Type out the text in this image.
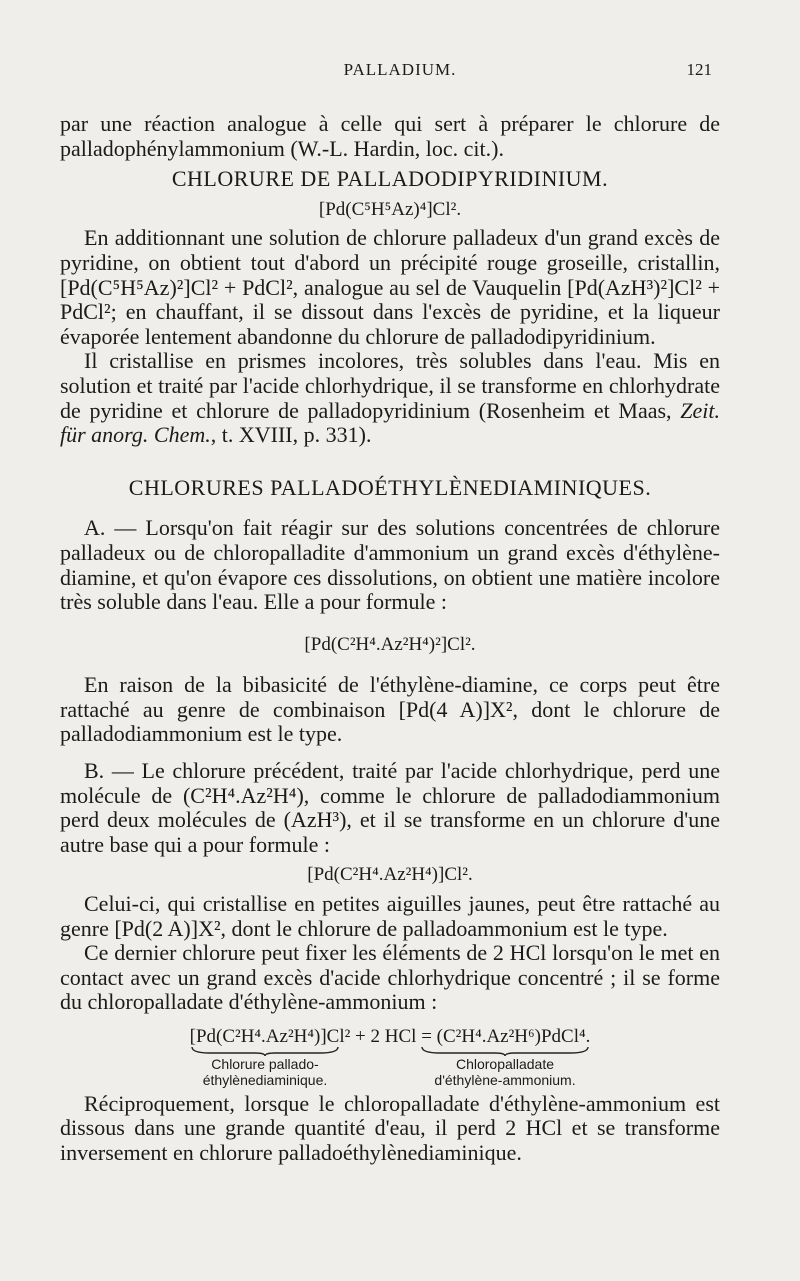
PALLADIUM.	121

par une réaction analogue à celle qui sert à préparer le chlorure de palladophénylammonium (W.-L. Hardin, loc. cit.).

CHLORURE DE PALLADODIPYRIDINIUM.
[Pd(C⁵H⁵Az)⁴]Cl².

En additionnant une solution de chlorure palladeux d'un grand excès de pyridine, on obtient tout d'abord un précipité rouge groseille, cristallin, [Pd(C⁵H⁵Az)²]Cl² + PdCl², analogue au sel de Vauquelin [Pd(AzH³)²]Cl² + PdCl²; en chauffant, il se dissout dans l'excès de pyridine, et la liqueur évaporée lentement abandonne du chlorure de palladodipyridinium.

Il cristallise en prismes incolores, très solubles dans l'eau. Mis en solution et traité par l'acide chlorhydrique, il se transforme en chlorhydrate de pyridine et chlorure de palladopyridinium (Rosenheim et Maas, Zeit. für anorg. Chem., t. XVIII, p. 331).

CHLORURES PALLADOÉTHYLÈNEDIAMINIQUES.

A. — Lorsqu'on fait réagir sur des solutions concentrées de chlorure palladeux ou de chloropalladite d'ammonium un grand excès d'éthylène-diamine, et qu'on évapore ces dissolutions, on obtient une matière incolore très soluble dans l'eau. Elle a pour formule :

[Pd(C²H⁴.Az²H⁴)²]Cl².

En raison de la bibasicité de l'éthylène-diamine, ce corps peut être rattaché au genre de combinaison [Pd(4 A)]X², dont le chlorure de palladodiammonium est le type.

B. — Le chlorure précédent, traité par l'acide chlorhydrique, perd une molécule de (C²H⁴.Az²H⁴), comme le chlorure de palladodiammonium perd deux molécules de (AzH³), et il se transforme en un chlorure d'une autre base qui a pour formule :

[Pd(C²H⁴.Az²H⁴)]Cl².

Celui-ci, qui cristallise en petites aiguilles jaunes, peut être rattaché au genre [Pd(2 A)]X², dont le chlorure de palladoammonium est le type.

Ce dernier chlorure peut fixer les éléments de 2 HCl lorsqu'on le met en contact avec un grand excès d'acide chlorhydrique concentré ; il se forme du chloropalladate d'éthylène-ammonium :

[Pd(C²H⁴.Az²H⁴)]Cl² + 2 HCl = (C²H⁴.Az²H⁶)PdCl⁴.
Chlorure pallado-
éthylènediaminique.
Chloropalladate
d'éthylène-ammonium.

Réciproquement, lorsque le chloropalladate d'éthylène-ammonium est dissous dans une grande quantité d'eau, il perd 2 HCl et se transforme inversement en chlorure palladoéthylènediaminique.
